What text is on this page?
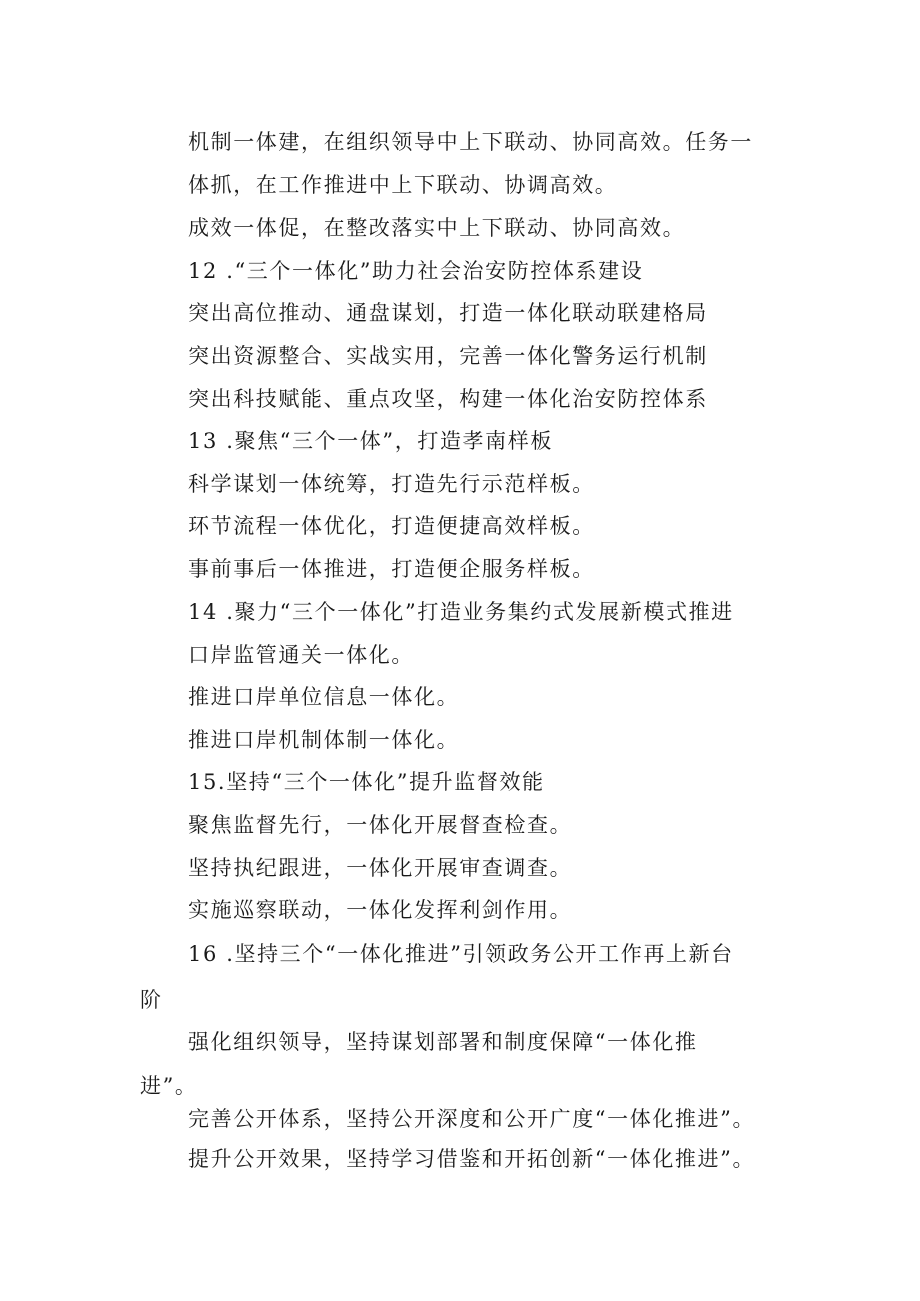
机制一体建，在组织领导中上下联动、协同高效。任务一
体抓，在工作推进中上下联动、协调高效。
成效一体促，在整改落实中上下联动、协同高效。
12 .“三个一体化”助力社会治安防控体系建设
突出高位推动、通盘谋划，打造一体化联动联建格局
突出资源整合、实战实用，完善一体化警务运行机制
突出科技赋能、重点攻坚，构建一体化治安防控体系
13 .聚焦“三个一体”，打造孝南样板
科学谋划一体统筹，打造先行示范样板。
环节流程一体优化，打造便捷高效样板。
事前事后一体推进，打造便企服务样板。
14 .聚力“三个一体化”打造业务集约式发展新模式推进
口岸监管通关一体化。
推进口岸单位信息一体化。
推进口岸机制体制一体化。
15.坚持“三个一体化”提升监督效能
聚焦监督先行，一体化开展督查检查。
坚持执纪跟进，一体化开展审查调查。
实施巡察联动，一体化发挥利剑作用。
16 .坚持三个“一体化推进”引领政务公开工作再上新台
阶
强化组织领导，坚持谋划部署和制度保障“一体化推
进”。
完善公开体系，坚持公开深度和公开广度“一体化推进”。
提升公开效果，坚持学习借鉴和开拓创新“一体化推进”。
